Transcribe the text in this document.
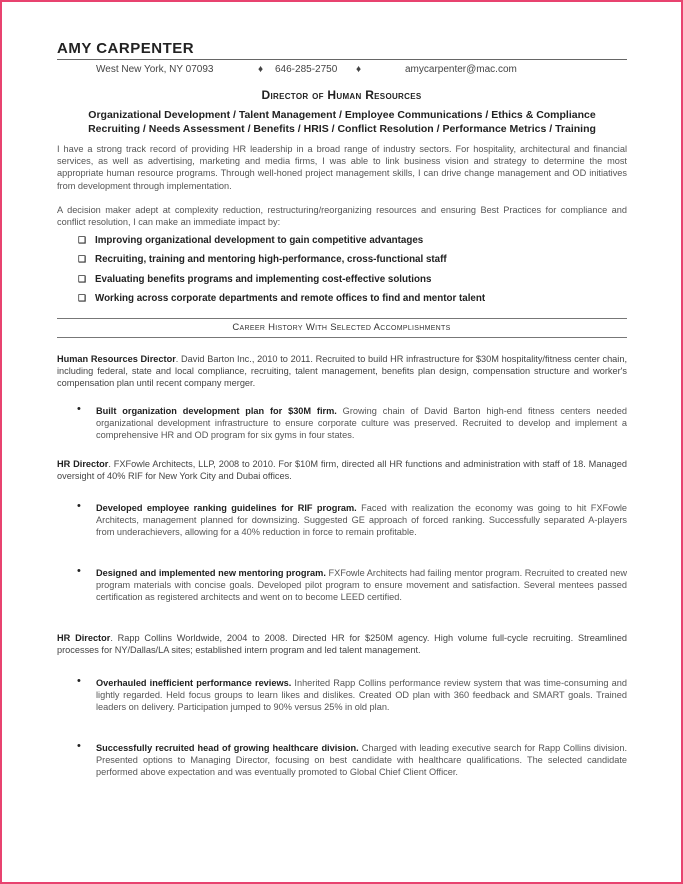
AMY CARPENTER
West New York, NY 07093	♦ 646-285-2750 ♦	amycarpenter@mac.com
Director of Human Resources
Organizational Development / Talent Management / Employee Communications / Ethics & Compliance
Recruiting / Needs Assessment / Benefits / HRIS / Conflict Resolution / Performance Metrics / Training
I have a strong track record of providing HR leadership in a broad range of industry sectors. For hospitality, architectural and financial services, as well as advertising, marketing and media firms, I was able to link business vision and strategy to determine the most appropriate human resource programs. Through well-honed project management skills, I can drive change management and OD initiatives from development through implementation.
A decision maker adept at complexity reduction, restructuring/reorganizing resources and ensuring Best Practices for compliance and conflict resolution, I can make an immediate impact by:
❑ Improving organizational development to gain competitive advantages
❑ Recruiting, training and mentoring high-performance, cross-functional staff
❑ Evaluating benefits programs and implementing cost-effective solutions
❑ Working across corporate departments and remote offices to find and mentor talent
Career History With Selected Accomplishments
Human Resources Director. David Barton Inc., 2010 to 2011. Recruited to build HR infrastructure for $30M hospitality/fitness center chain, including federal, state and local compliance, recruiting, talent management, benefits plan design, compensation structure and worker's compensation plan until recent company merger.
• Built organization development plan for $30M firm. Growing chain of David Barton high-end fitness centers needed organizational development infrastructure to ensure corporate culture was preserved. Recruited to develop and implement a comprehensive HR and OD program for six gyms in four states.
HR Director. FXFowle Architects, LLP, 2008 to 2010. For $10M firm, directed all HR functions and administration with staff of 18. Managed oversight of 40% RIF for New York City and Dubai offices.
• Developed employee ranking guidelines for RIF program. Faced with realization the economy was going to hit FXFowle Architects, management planned for downsizing. Suggested GE approach of forced ranking. Successfully separated A-players from underachievers, allowing for a 40% reduction in force to remain profitable.
• Designed and implemented new mentoring program. FXFowle Architects had failing mentor program. Recruited to created new program materials with concise goals. Developed pilot program to ensure movement and satisfaction. Several mentees passed certification as registered architects and went on to become LEED certified.
HR Director. Rapp Collins Worldwide, 2004 to 2008. Directed HR for $250M agency. High volume full-cycle recruiting. Streamlined processes for NY/Dallas/LA sites; established intern program and led talent management.
• Overhauled inefficient performance reviews. Inherited Rapp Collins performance review system that was time-consuming and lightly regarded. Held focus groups to learn likes and dislikes. Created OD plan with 360 feedback and SMART goals. Trained leaders on delivery. Participation jumped to 90% versus 25% in old plan.
• Successfully recruited head of growing healthcare division. Charged with leading executive search for Rapp Collins division. Presented options to Managing Director, focusing on best candidate with healthcare qualifications. The selected candidate performed above expectation and was eventually promoted to Global Chief Client Officer.
